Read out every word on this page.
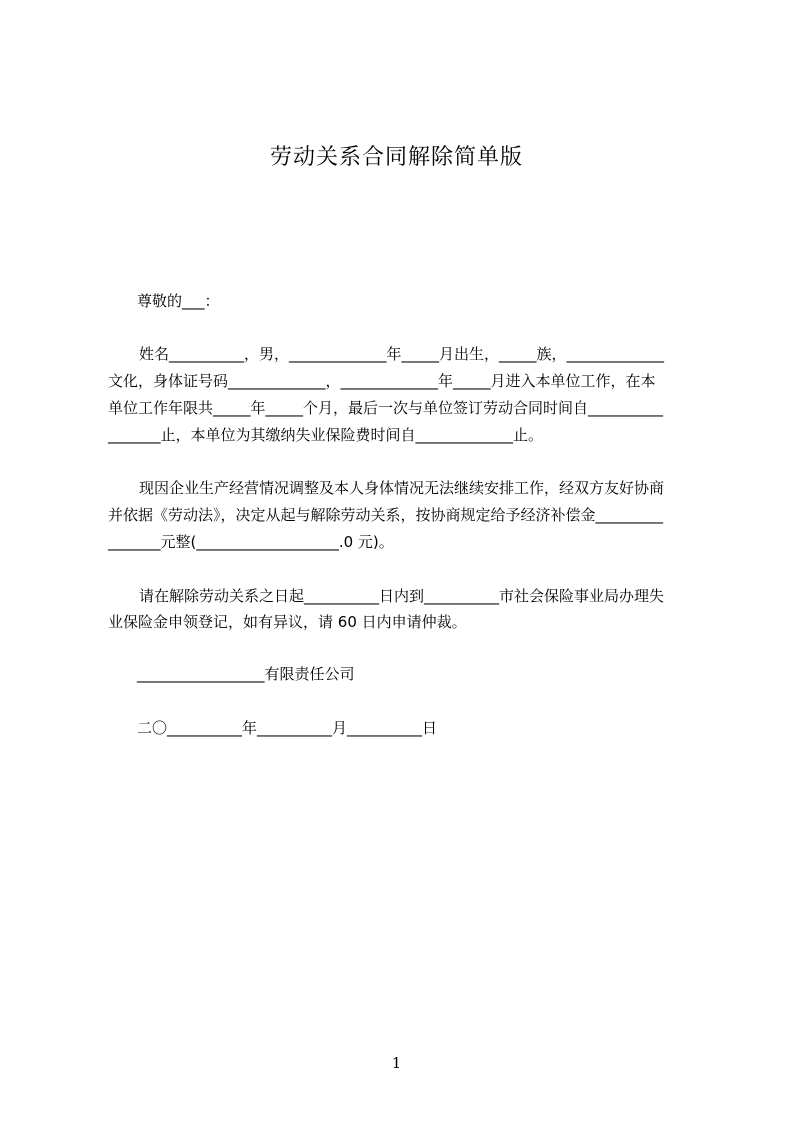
劳动关系合同解除简单版
尊敬的___：
姓名__________，男，_____________年_____月出生，_____族，_____________
文化，身体证号码_____________，_____________年_____月进入本单位工作，在本
单位工作年限共_____年_____个月，最后一次与单位签订劳动合同时间自__________
_______止，本单位为其缴纳失业保险费时间自_____________止。
现因企业生产经营情况调整及本人身体情况无法继续安排工作，经双方友好协商
并依据《劳动法》，决定从起与解除劳动关系，按协商规定给予经济补偿金_________
_______元整(___________________.0 元)。
请在解除劳动关系之日起__________日内到__________市社会保险事业局办理失
业保险金申领登记，如有异议，请 60 日内申请仲裁。
_________________有限责任公司
二〇__________年__________月__________日
1
